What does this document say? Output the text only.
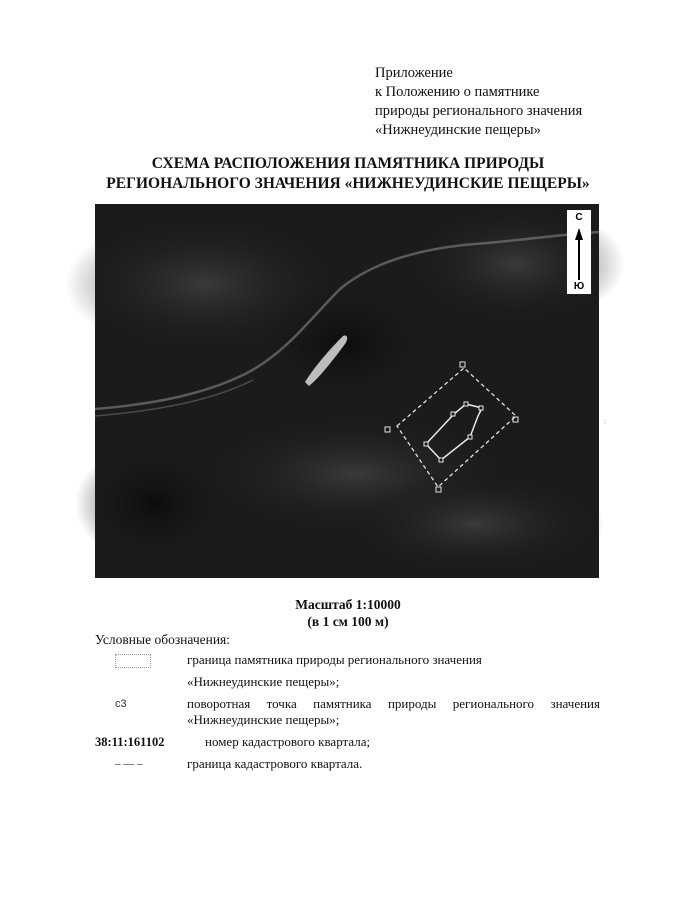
Приложение
к Положению о памятнике
природы регионального значения
«Нижнеудинские пещеры»
СХЕМА РАСПОЛОЖЕНИЯ ПАМЯТНИКА ПРИРОДЫ
РЕГИОНАЛЬНОГО ЗНАЧЕНИЯ «НИЖНЕУДИНСКИЕ ПЕЩЕРЫ»
1
С
Ю
Масштаб 1:10000
(в 1 см 100 м)
Условные обозначения:
граница памятника природы регионального значения
«Нижнеудинские пещеры»;
с3	поворотная точка памятника природы регионального значения
«Нижнеудинские пещеры»;
38:11:161102	номер кадастрового квартала;
– — –	граница кадастрового квартала.
